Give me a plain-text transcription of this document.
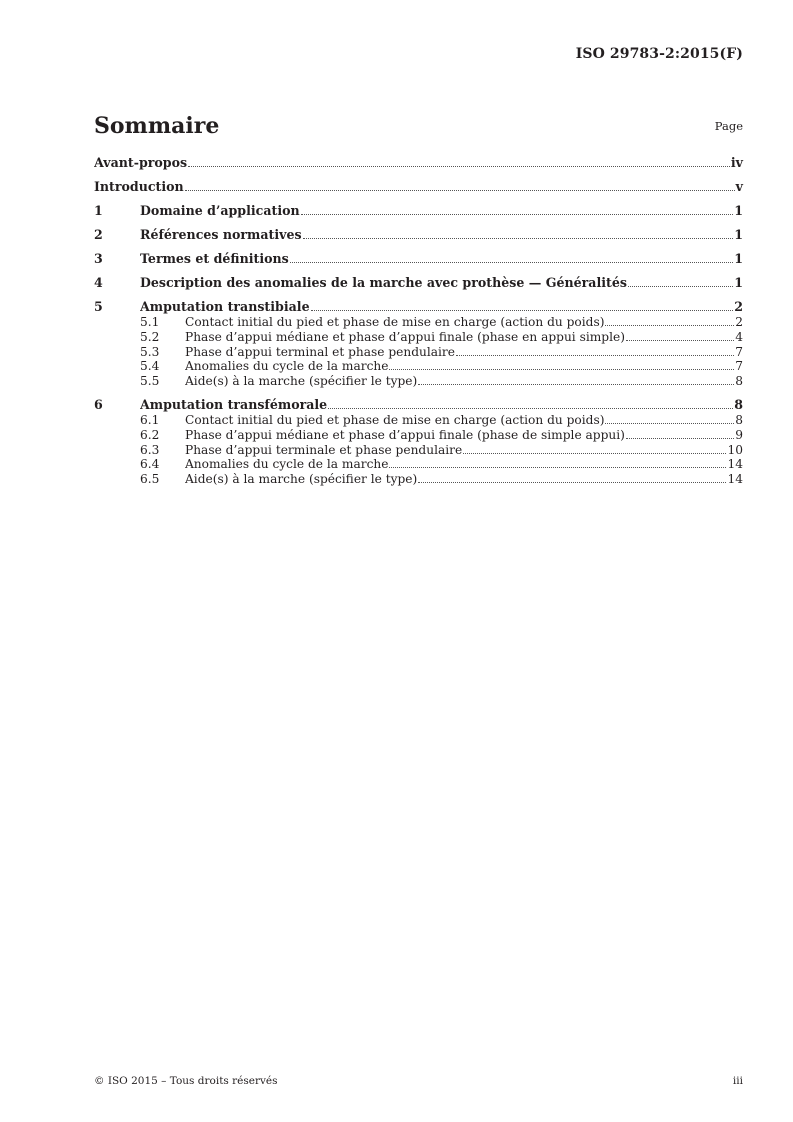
ISO 29783-2:2015(F)
Sommaire	Page
Avant-propos	iv
Introduction	v
1	Domaine d’application	1
2	Références normatives	1
3	Termes et définitions	1
4	Description des anomalies de la marche avec prothèse — Généralités	1
5	Amputation transtibiale	2
5.1	Contact initial du pied et phase de mise en charge (action du poids)	2
5.2	Phase d’appui médiane et phase d’appui finale (phase en appui simple)	4
5.3	Phase d’appui terminal et phase pendulaire	7
5.4	Anomalies du cycle de la marche	7
5.5	Aide(s) à la marche (spécifier le type)	8
6	Amputation transfémorale	8
6.1	Contact initial du pied et phase de mise en charge (action du poids)	8
6.2	Phase d’appui médiane et phase d’appui finale (phase de simple appui)	9
6.3	Phase d’appui terminale et phase pendulaire	10
6.4	Anomalies du cycle de la marche	14
6.5	Aide(s) à la marche (spécifier le type)	14
© ISO 2015 – Tous droits réservés	iii
